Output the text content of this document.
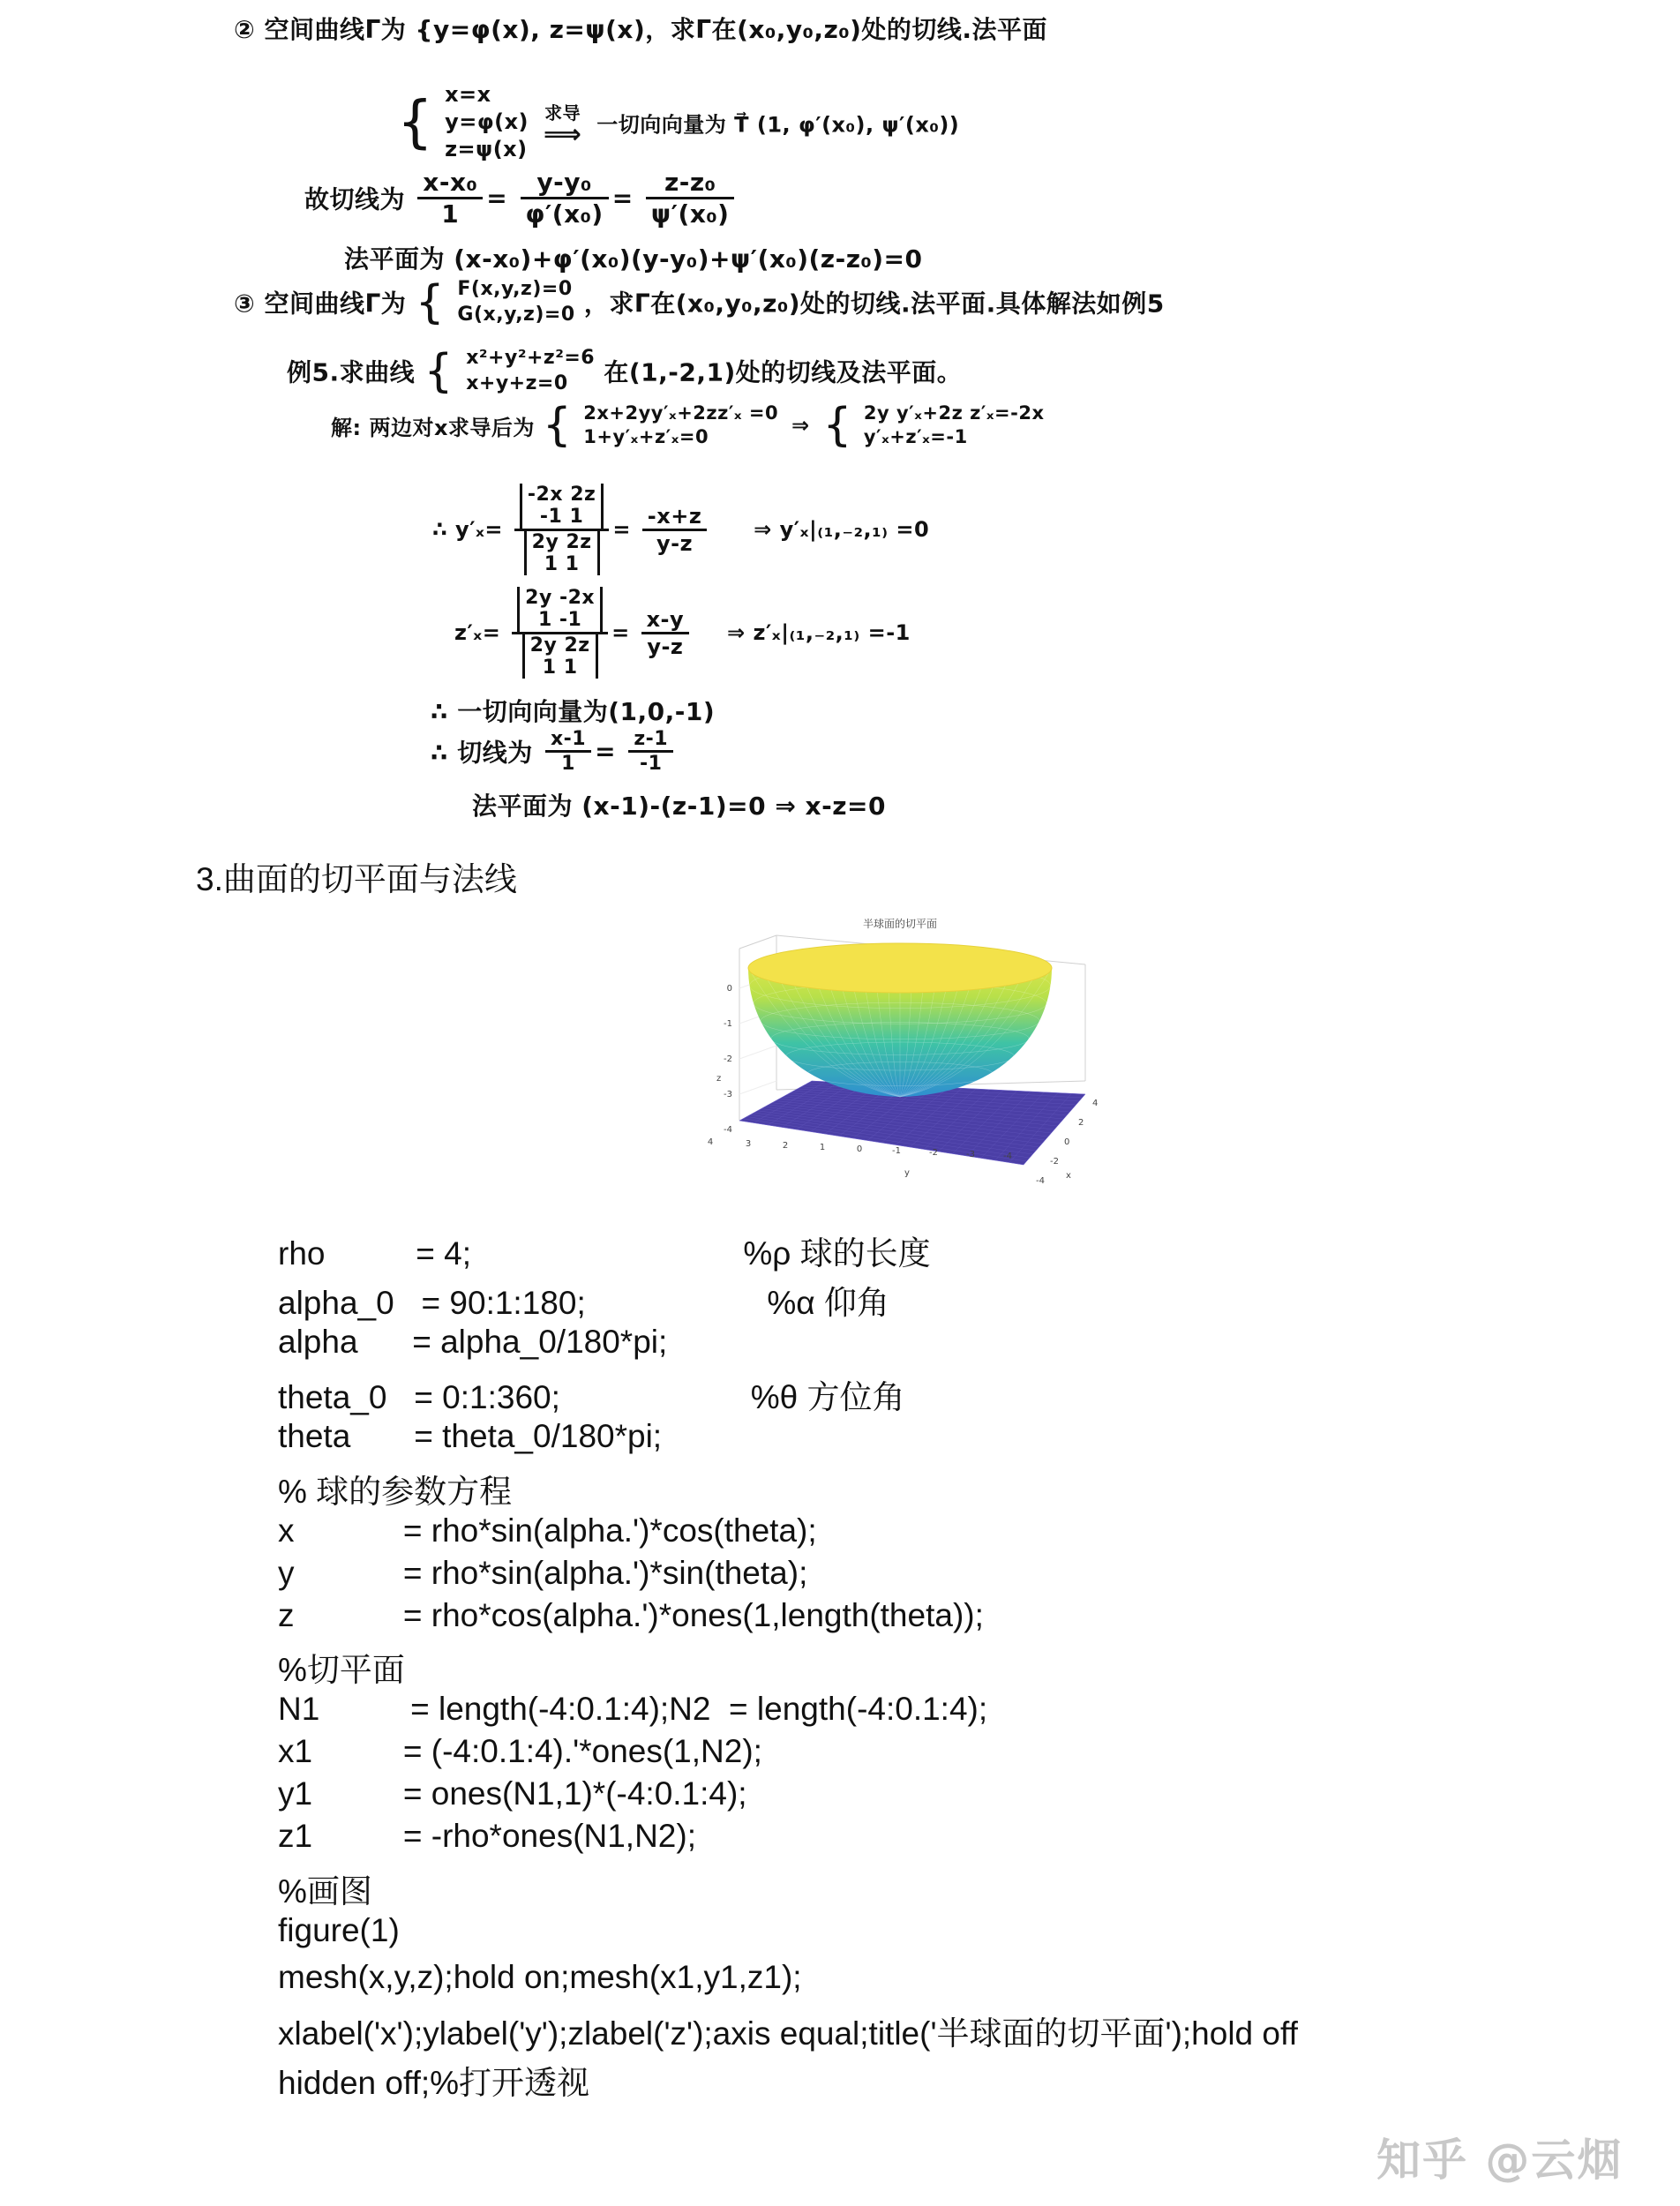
② 空间曲线Γ为 {y=φ(x), z=ψ(x)，求Γ在(x₀,y₀,z₀)处的切线.法平面
{ x=x
y=φ(x)
z=ψ(x)
求导
⟹ 一切向向量为 T⃗ (1, φ′(x₀), ψ′(x₀))
故切线为 $\frac{\text{x-x₀}}{1} = \frac{\text{y-y₀}}{\text{φ′(x₀)}} = \frac{\text{z-z₀}}{\text{ψ′(x₀)}}$
法平面为 (x-x₀)+φ′(x₀)(y-y₀)+ψ′(x₀)(z-z₀)=0
③ 空间曲线Γ为 { F(x,y,z)=0
G(x,y,z)=0 ，求Γ在(x₀,y₀,z₀)处的切线.法平面.具体解法如例5
例5.求曲线 { x²+y²+z²=6
x+y+z=0 在(1,-2,1)处的切线及法平面。
解: 两边对x求导后为 { 2x+2yy′ₓ+2zz′ₓ =0
1+y′ₓ+z′ₓ=0	⇒ { 2y y′ₓ+2z z′ₓ=-2x
y′ₓ+z′ₓ=-1
∴ y′ₓ=
-2x 2z
-1 1
2y 2z
1 1
= $\frac{-x+z}{y-z}$ ⇒ y′ₓ|₍₁,₋₂,₁₎ =0
z′ₓ=
2y -2x
1 -1
2y 2z
1 1
= $\frac{x-y}{y-z}$ ⇒ z′ₓ|₍₁,₋₂,₁₎ =-1
∴ 一切向向量为(1,0,-1)
∴ 切线为 $\frac{x-1}{1} = \frac{z-1}{-1}$
法平面为 (x-1)-(z-1)=0 ⇒ x-z=0
3.曲面的切平面与法线
半球面的切平面
0
-1
-2
-3
-4
z
4	3	2	1	0	-1	-2	-3	-4
y
4
2
0
-2
-4
x
rho          = 4;                              %ρ 球的长度
alpha_0   = 90:1:180;                    %α 仰角
alpha      = alpha_0/180*pi;
theta_0   = 0:1:360;                     %θ 方位角
theta       = theta_0/180*pi;
% 球的参数方程
x            = rho*sin(alpha.')*cos(theta);
y            = rho*sin(alpha.')*sin(theta);
z            = rho*cos(alpha.')*ones(1,length(theta));
%切平面
N1          = length(-4:0.1:4);N2  = length(-4:0.1:4);
x1          = (-4:0.1:4).'*ones(1,N2);
y1          = ones(N1,1)*(-4:0.1:4);
z1          = -rho*ones(N1,N2);
%画图
figure(1)
mesh(x,y,z);hold on;mesh(x1,y1,z1);
xlabel('x');ylabel('y');zlabel('z');axis equal;title('半球面的切平面');hold off
hidden off;%打开透视
知乎 @云烟
